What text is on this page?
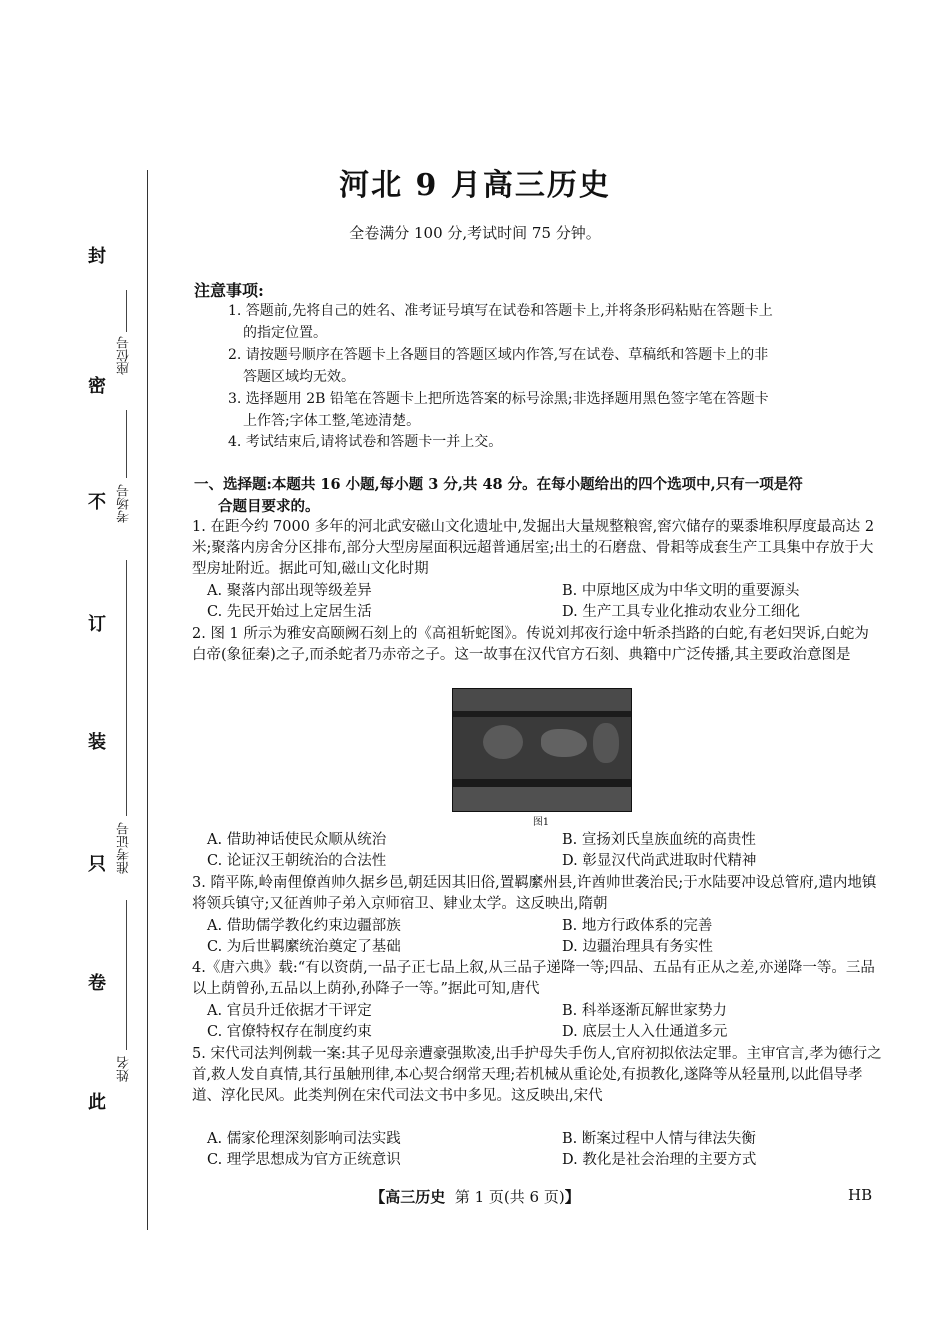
封
密
不
订
装
只
卷
此
座位号
考场号
准考证号
姓名
河北 9 月高三历史
全卷满分 100 分,考试时间 75 分钟。
注意事项:
1. 答题前,先将自己的姓名、准考证号填写在试卷和答题卡上,并将条形码粘贴在答题卡上
的指定位置。
2. 请按题号顺序在答题卡上各题目的答题区域内作答,写在试卷、草稿纸和答题卡上的非
答题区域均无效。
3. 选择题用 2B 铅笔在答题卡上把所选答案的标号涂黑;非选择题用黑色签字笔在答题卡
上作答;字体工整,笔迹清楚。
4. 考试结束后,请将试卷和答题卡一并上交。
一、选择题:本题共 16 小题,每小题 3 分,共 48 分。在每小题给出的四个选项中,只有一项是符
合题目要求的。
1. 在距今约 7000 多年的河北武安磁山文化遗址中,发掘出大量规整粮窖,窖穴储存的粟黍堆积厚度最高达 2 米;聚落内房舍分区排布,部分大型房屋面积远超普通居室;出土的石磨盘、骨耜等成套生产工具集中存放于大型房址附近。据此可知,磁山文化时期
A. 聚落内部出现等级差异	B. 中原地区成为中华文明的重要源头
C. 先民开始过上定居生活	D. 生产工具专业化推动农业分工细化
2. 图 1 所示为雅安高颐阙石刻上的《高祖斩蛇图》。传说刘邦夜行途中斩杀挡路的白蛇,有老妇哭诉,白蛇为白帝(象征秦)之子,而杀蛇者乃赤帝之子。这一故事在汉代官方石刻、典籍中广泛传播,其主要政治意图是
图1
A. 借助神话使民众顺从统治	B. 宣扬刘氏皇族血统的高贵性
C. 论证汉王朝统治的合法性	D. 彰显汉代尚武进取时代精神
3. 隋平陈,岭南俚僚酋帅久据乡邑,朝廷因其旧俗,置羁縻州县,许酋帅世袭治民;于水陆要冲设总管府,遣内地镇将领兵镇守;又征酋帅子弟入京师宿卫、肄业太学。这反映出,隋朝
A. 借助儒学教化约束边疆部族	B. 地方行政体系的完善
C. 为后世羁縻统治奠定了基础	D. 边疆治理具有务实性
4.《唐六典》载:“有以资荫,一品子正七品上叙,从三品子递降一等;四品、五品有正从之差,亦递降一等。三品以上荫曾孙,五品以上荫孙,孙降子一等。”据此可知,唐代
A. 官员升迁依据才干评定	B. 科举逐渐瓦解世家势力
C. 官僚特权存在制度约束	D. 底层士人入仕通道多元
5. 宋代司法判例载一案:其子见母亲遭豪强欺凌,出手护母失手伤人,官府初拟依法定罪。主审官言,孝为德行之首,救人发自真情,其行虽触刑律,本心契合纲常天理;若机械从重论处,有损教化,遂降等从轻量刑,以此倡导孝道、淳化民风。此类判例在宋代司法文书中多见。这反映出,宋代
A. 儒家伦理深刻影响司法实践	B. 断案过程中人情与律法失衡
C. 理学思想成为官方正统意识	D. 教化是社会治理的主要方式
【高三历史 第 1 页(共 6 页)】	HB
